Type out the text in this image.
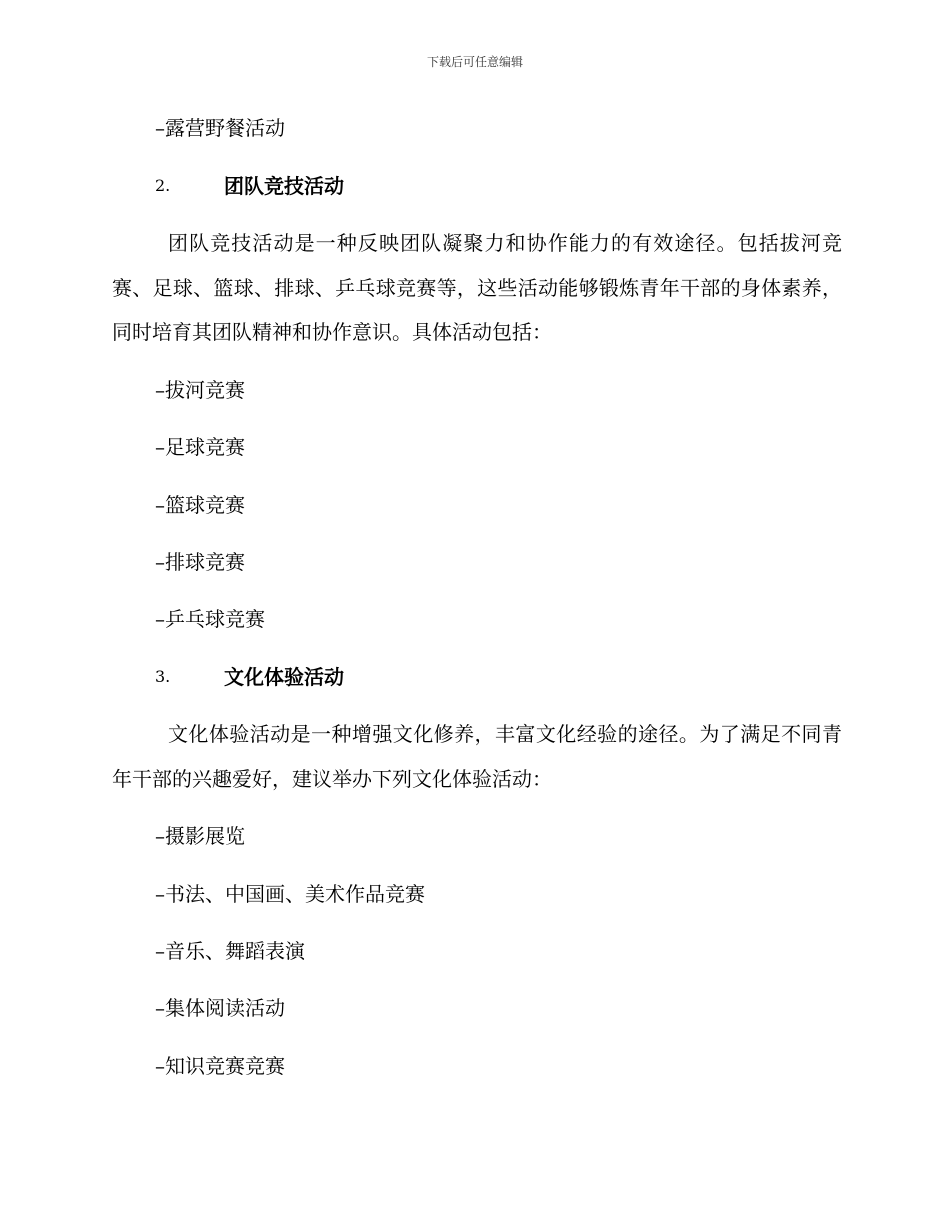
下载后可任意编辑
–露营野餐活动
2.	团队竞技活动
团队竞技活动是一种反映团队凝聚力和协作能力的有效途径。包括拔河竞赛、足球、篮球、排球、乒乓球竞赛等，这些活动能够锻炼青年干部的身体素养，同时培育其团队精神和协作意识。具体活动包括：
–拔河竞赛
–足球竞赛
–篮球竞赛
–排球竞赛
–乒乓球竞赛
3.	文化体验活动
文化体验活动是一种增强文化修养，丰富文化经验的途径。为了满足不同青年干部的兴趣爱好，建议举办下列文化体验活动：
–摄影展览
–书法、中国画、美术作品竞赛
–音乐、舞蹈表演
–集体阅读活动
–知识竞赛竞赛
